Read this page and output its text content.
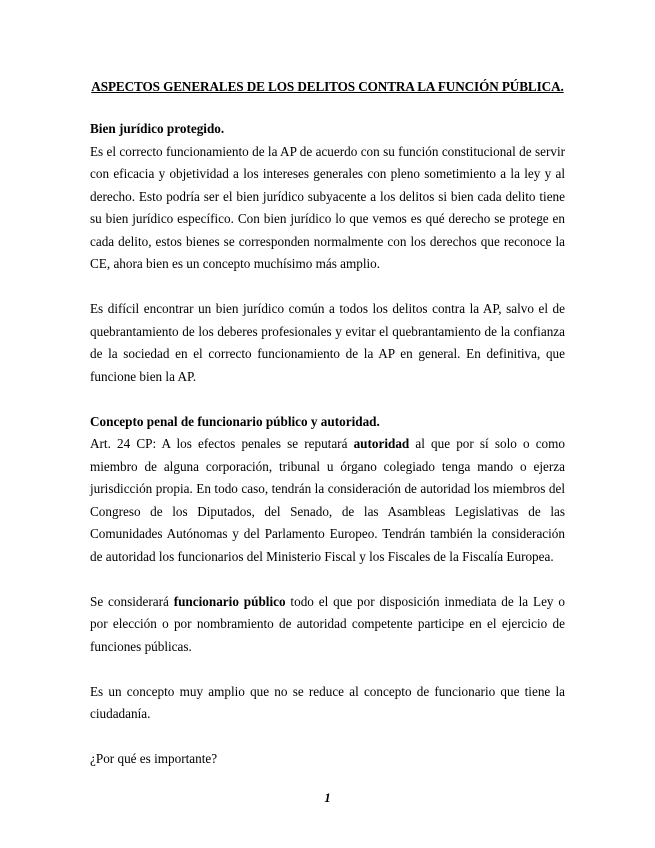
ASPECTOS GENERALES DE LOS DELITOS CONTRA LA FUNCIÓN PÚBLICA.

Bien jurídico protegido.

Es el correcto funcionamiento de la AP de acuerdo con su función constitucional de servir con eficacia y objetividad a los intereses generales con pleno sometimiento a la ley y al derecho. Esto podría ser el bien jurídico subyacente a los delitos si bien cada delito tiene su bien jurídico específico. Con bien jurídico lo que vemos es qué derecho se protege en cada delito, estos bienes se corresponden normalmente con los derechos que reconoce la CE, ahora bien es un concepto muchísimo más amplio.

Es difícil encontrar un bien jurídico común a todos los delitos contra la AP, salvo el de quebrantamiento de los deberes profesionales y evitar el quebrantamiento de la confianza de la sociedad en el correcto funcionamiento de la AP en general. En definitiva, que funcione bien la AP.

Concepto penal de funcionario público y autoridad.

Art. 24 CP: A los efectos penales se reputará autoridad al que por sí solo o como miembro de alguna corporación, tribunal u órgano colegiado tenga mando o ejerza jurisdicción propia. En todo caso, tendrán la consideración de autoridad los miembros del Congreso de los Diputados, del Senado, de las Asambleas Legislativas de las Comunidades Autónomas y del Parlamento Europeo. Tendrán también la consideración de autoridad los funcionarios del Ministerio Fiscal y los Fiscales de la Fiscalía Europea.

Se considerará funcionario público todo el que por disposición inmediata de la Ley o por elección o por nombramiento de autoridad competente participe en el ejercicio de funciones públicas.

Es un concepto muy amplio que no se reduce al concepto de funcionario que tiene la ciudadanía.

¿Por qué es importante?

1
